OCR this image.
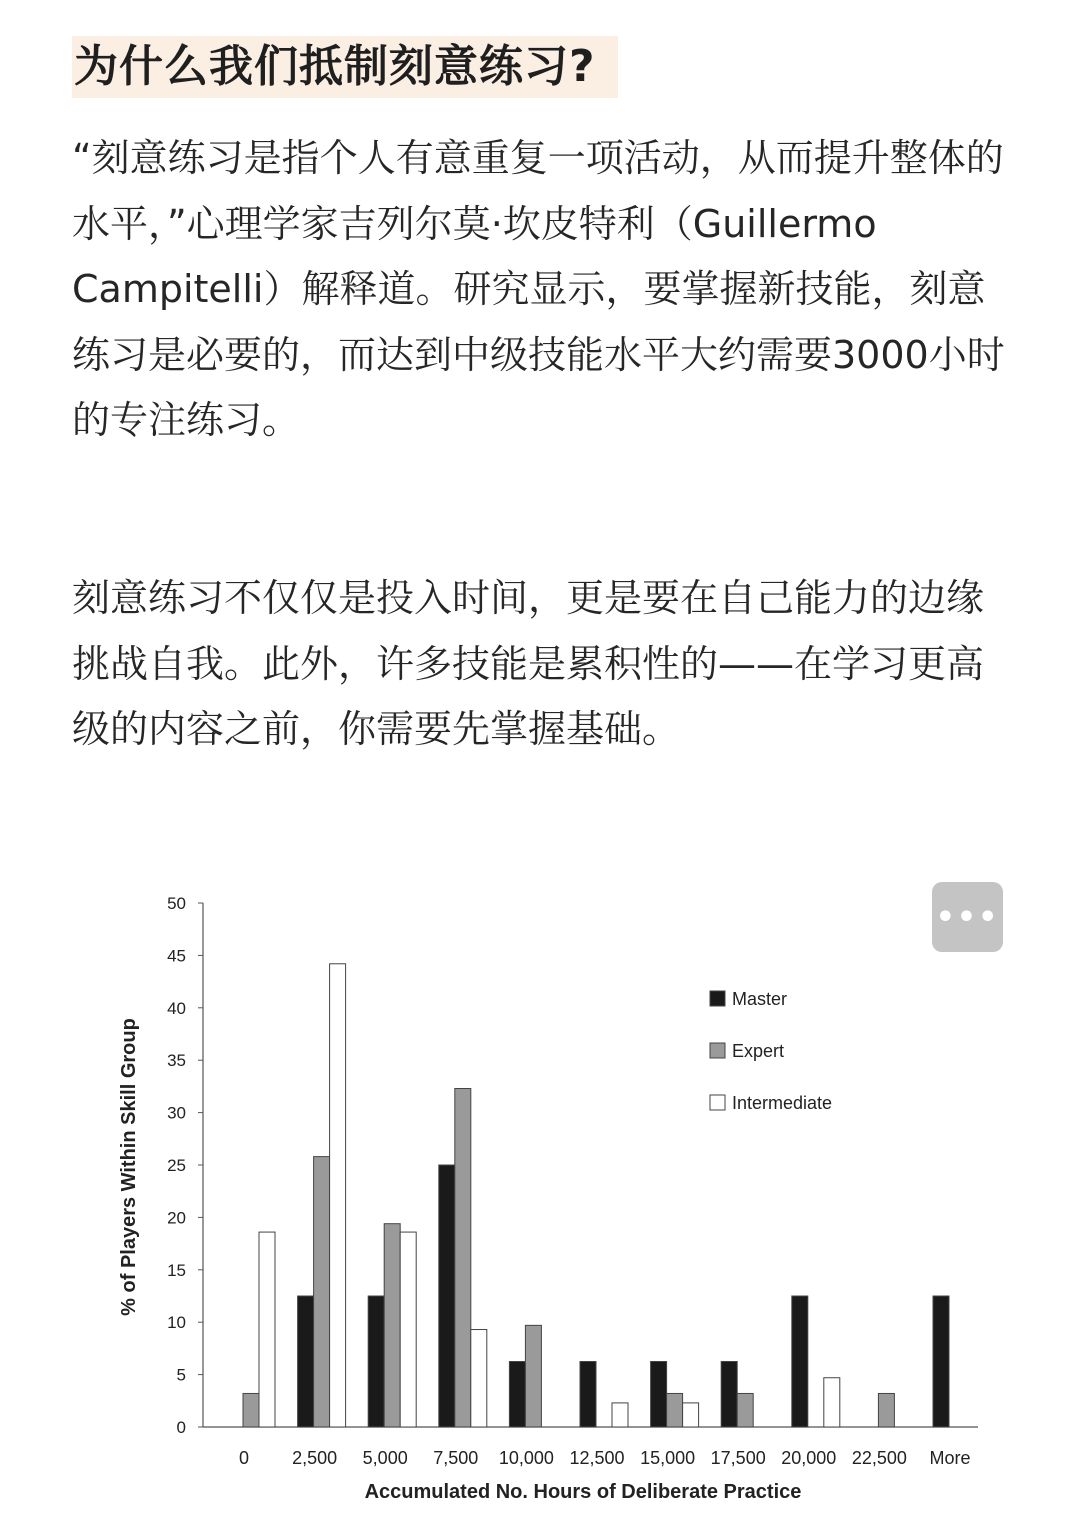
为什么我们抵制刻意练习?

“刻意练习是指个人有意重复一项活动，从而提升整体的水平，”心理学家吉列尔莫·坎皮特利（Guillermo Campitelli）解释道。研究显示，要掌握新技能，刻意练习是必要的，而达到中级技能水平大约需要3000小时的专注练习。

刻意练习不仅仅是投入时间，更是要在自己能力的边缘挑战自我。此外，许多技能是累积性的——在学习更高级的内容之前，你需要先掌握基础。

0
5
10
15
20
25
30
35
40
45
50
0 2,500 5,000 7,500 10,000 12,500 15,000 17,500 20,000 22,500 More
Accumulated No. Hours of Deliberate Practice
% of Players Within Skill Group
Master
Expert
Intermediate
•••
